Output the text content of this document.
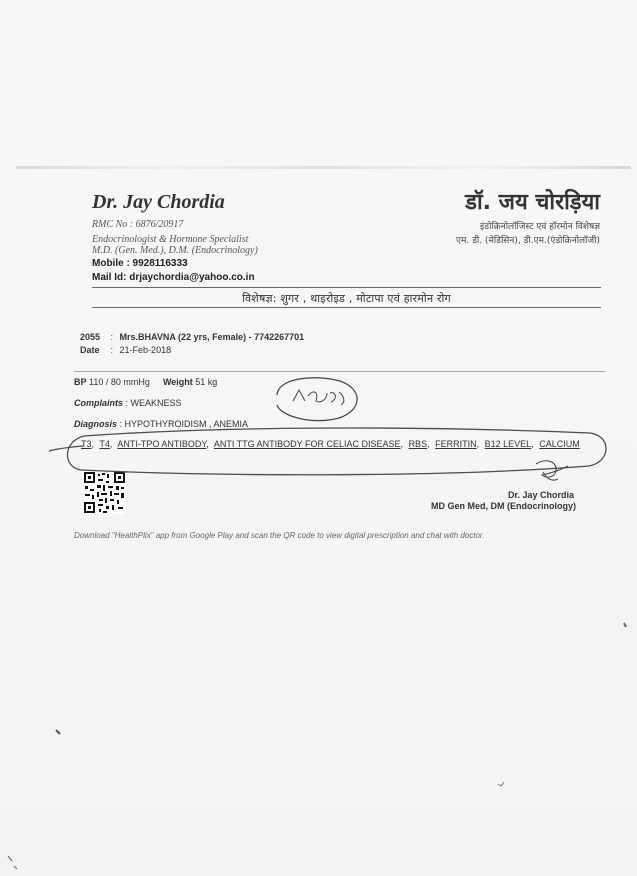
Dr. Jay Chordia
RMC No : 6876/20917
Endocrinologist & Hormone Specialist
M.D. (Gen. Med.), D.M. (Endocrinology)
Mobile : 9928116333
Mail Id: drjaychordia@yahoo.co.in
डॉ. जय चोरड़िया
इंडोक्रिनोलॉजिस्ट एवं हॉरमोन विशेषज्ञ
एम. डी. (मेडिसिन), डी.एम.(एंडोक्रिनोलॉजी)
विशेषज्ञ: शुगर , थाइरोइड , मोटापा एवं हारमोन रोग
2055 : Mrs.BHAVNA (22 yrs, Female) - 7742267701
Date : 21-Feb-2018
BP 110 / 80 mmHg Weight 51 kg
Complaints : WEAKNESS
Diagnosis : HYPOTHYROIDISM , ANEMIA
T3, T4, ANTI-TPO ANTIBODY, ANTI TTG ANTIBODY FOR CELIAC DISEASE, RBS, FERRITIN, B12 LEVEL, CALCIUM
Dr. Jay Chordia
MD Gen Med, DM (Endocrinology)
Download "HealthPlix" app from Google Play and scan the QR code to view digital prescription and chat with doctor.
